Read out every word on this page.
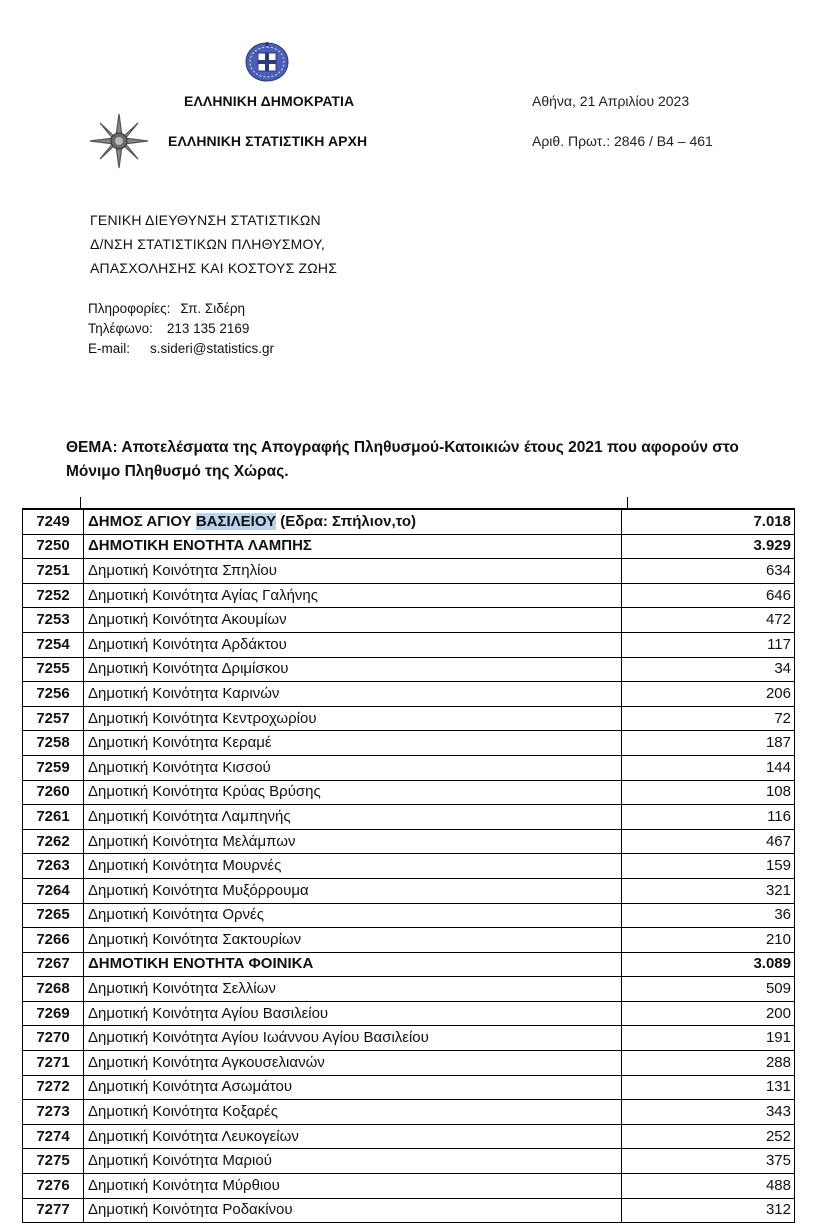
ΕΛΛΗΝΙΚΗ ΔΗΜΟΚΡΑΤΙΑ
ΕΛΛΗΝΙΚΗ ΣΤΑΤΙΣΤΙΚΗ ΑΡΧΗ
Αθήνα, 21 Απριλίου 2023
Αριθ. Πρωτ.: 2846 / Β4 – 461
ΓΕΝΙΚΗ ΔΙΕΥΘΥΝΣΗ ΣΤΑΤΙΣΤΙΚΩΝ
Δ/ΝΣΗ ΣΤΑΤΙΣΤΙΚΩΝ ΠΛΗΘΥΣΜΟΥ,
ΑΠΑΣΧΟΛΗΣΗΣ ΚΑΙ ΚΟΣΤΟΥΣ ΖΩΗΣ
Πληροφορίες: Σπ. Σιδέρη
Τηλέφωνο: 213 135 2169
E-mail: s.sideri@statistics.gr
ΘΕΜΑ: Αποτελέσματα της Απογραφής Πληθυσμού-Κατοικιών έτους 2021 που αφορούν στο
Μόνιμο Πληθυσμό της Χώρας.
7249	ΔΗΜΟΣ ΑΓΙΟΥ ΒΑΣΙΛΕΙΟΥ (Εδρα: Σπήλιον,το)	7.018
7250	ΔΗΜΟΤΙΚΗ ΕΝΟΤΗΤΑ ΛΑΜΠΗΣ	3.929
7251	Δημοτική Κοινότητα Σπηλίου	634
7252	Δημοτική Κοινότητα Αγίας Γαλήνης	646
7253	Δημοτική Κοινότητα Ακουμίων	472
7254	Δημοτική Κοινότητα Αρδάκτου	117
7255	Δημοτική Κοινότητα Δριμίσκου	34
7256	Δημοτική Κοινότητα Καρινών	206
7257	Δημοτική Κοινότητα Κεντροχωρίου	72
7258	Δημοτική Κοινότητα Κεραμέ	187
7259	Δημοτική Κοινότητα Κισσού	144
7260	Δημοτική Κοινότητα Κρύας Βρύσης	108
7261	Δημοτική Κοινότητα Λαμπηνής	116
7262	Δημοτική Κοινότητα Μελάμπων	467
7263	Δημοτική Κοινότητα Μουρνές	159
7264	Δημοτική Κοινότητα Μυξόρρουμα	321
7265	Δημοτική Κοινότητα Ορνές	36
7266	Δημοτική Κοινότητα Σακτουρίων	210
7267	ΔΗΜΟΤΙΚΗ ΕΝΟΤΗΤΑ ΦΟΙΝΙΚΑ	3.089
7268	Δημοτική Κοινότητα Σελλίων	509
7269	Δημοτική Κοινότητα Αγίου Βασιλείου	200
7270	Δημοτική Κοινότητα Αγίου Ιωάννου Αγίου Βασιλείου	191
7271	Δημοτική Κοινότητα Αγκουσελιανών	288
7272	Δημοτική Κοινότητα Ασωμάτου	131
7273	Δημοτική Κοινότητα Κοξαρές	343
7274	Δημοτική Κοινότητα Λευκογείων	252
7275	Δημοτική Κοινότητα Μαριού	375
7276	Δημοτική Κοινότητα Μύρθιου	488
7277	Δημοτική Κοινότητα Ροδακίνου	312
